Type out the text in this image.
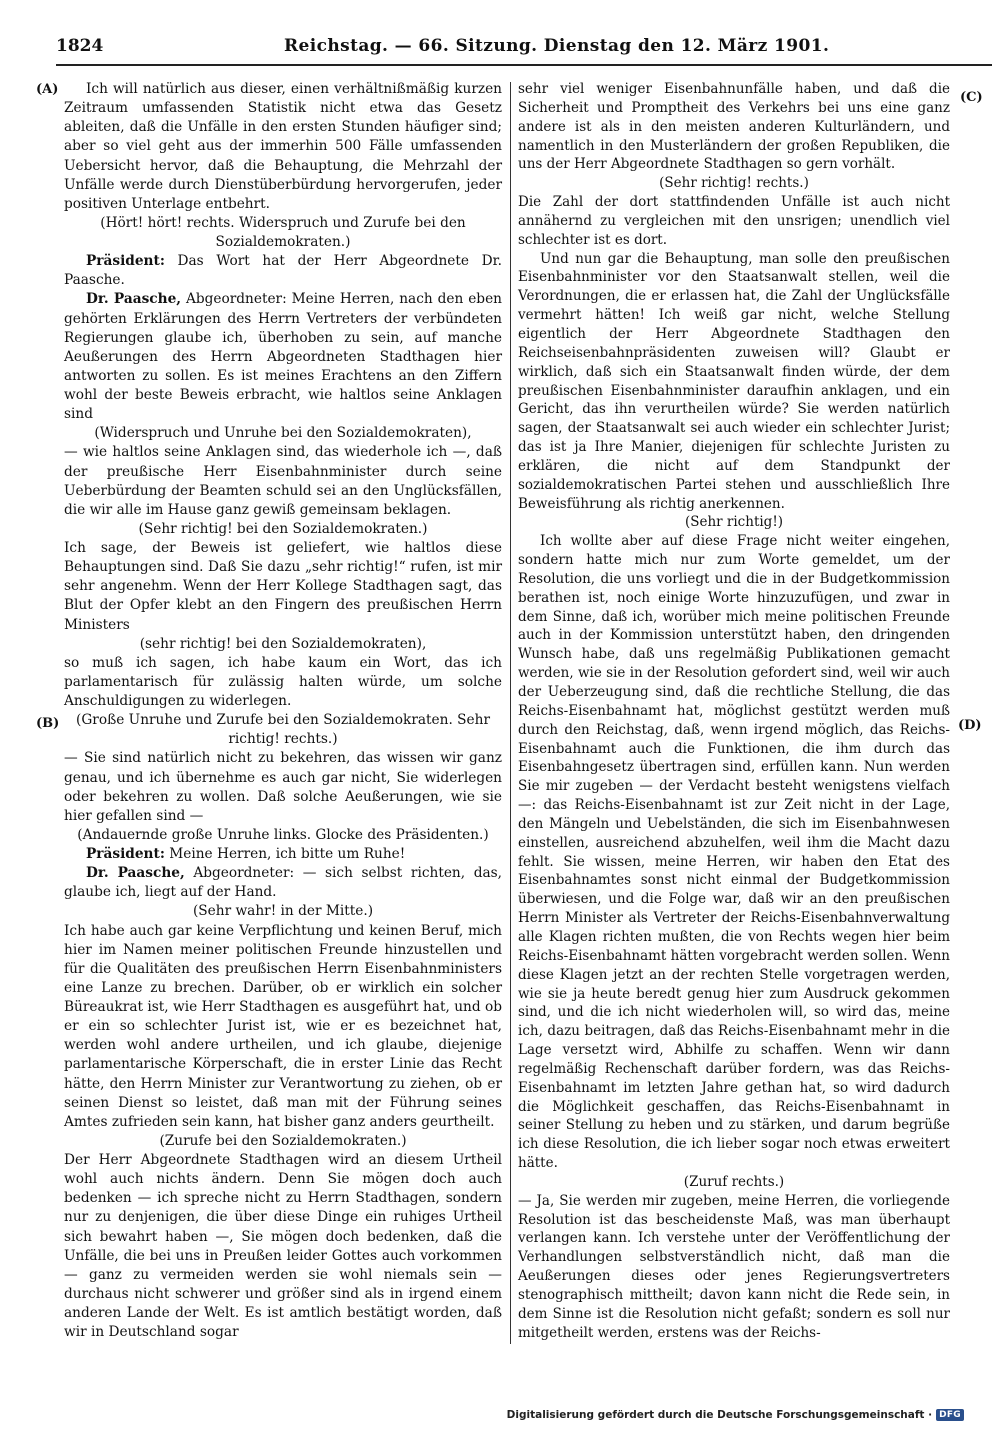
1824	Reichstag. — 66. Sitzung. Dienstag den 12. März 1901.
(A)
(B)
(C)
(D)

Ich will natürlich aus dieser, einen verhältnißmäßig kurzen Zeitraum umfassenden Statistik nicht etwa das Gesetz ableiten, daß die Unfälle in den ersten Stunden häufiger sind; aber so viel geht aus der immerhin 500 Fälle umfassenden Uebersicht hervor, daß die Behauptung, die Mehrzahl der Unfälle werde durch Dienstüberbürdung hervorgerufen, jeder positiven Unterlage entbehrt.

(Hört! hört! rechts. Widerspruch und Zurufe bei den Sozialdemokraten.)

Präsident: Das Wort hat der Herr Abgeordnete Dr. Paasche.

Dr. Paasche, Abgeordneter: Meine Herren, nach den eben gehörten Erklärungen des Herrn Vertreters der verbündeten Regierungen glaube ich, überhoben zu sein, auf manche Aeußerungen des Herrn Abgeordneten Stadthagen hier antworten zu sollen. Es ist meines Erachtens an den Ziffern wohl der beste Beweis erbracht, wie haltlos seine Anklagen sind

(Widerspruch und Unruhe bei den Sozialdemokraten),

— wie haltlos seine Anklagen sind, das wiederhole ich —, daß der preußische Herr Eisenbahnminister durch seine Ueberbürdung der Beamten schuld sei an den Unglücksfällen, die wir alle im Hause ganz gewiß gemeinsam beklagen.

(Sehr richtig! bei den Sozialdemokraten.)

Ich sage, der Beweis ist geliefert, wie haltlos diese Behauptungen sind. Daß Sie dazu „sehr richtig!“ rufen, ist mir sehr angenehm. Wenn der Herr Kollege Stadthagen sagt, das Blut der Opfer klebt an den Fingern des preußischen Herrn Ministers

(sehr richtig! bei den Sozialdemokraten),

so muß ich sagen, ich habe kaum ein Wort, das ich parlamentarisch für zulässig halten würde, um solche Anschuldigungen zu widerlegen.

(Große Unruhe und Zurufe bei den Sozialdemokraten. Sehr richtig! rechts.)

— Sie sind natürlich nicht zu bekehren, das wissen wir ganz genau, und ich übernehme es auch gar nicht, Sie widerlegen oder bekehren zu wollen. Daß solche Aeußerungen, wie sie hier gefallen sind —

(Andauernde große Unruhe links. Glocke des Präsidenten.)

Präsident: Meine Herren, ich bitte um Ruhe!

Dr. Paasche, Abgeordneter: — sich selbst richten, das, glaube ich, liegt auf der Hand.

(Sehr wahr! in der Mitte.)

Ich habe auch gar keine Verpflichtung und keinen Beruf, mich hier im Namen meiner politischen Freunde hinzustellen und für die Qualitäten des preußischen Herrn Eisenbahnministers eine Lanze zu brechen. Darüber, ob er wirklich ein solcher Büreaukrat ist, wie Herr Stadthagen es ausgeführt hat, und ob er ein so schlechter Jurist ist, wie er es bezeichnet hat, werden wohl andere urtheilen, und ich glaube, diejenige parlamentarische Körperschaft, die in erster Linie das Recht hätte, den Herrn Minister zur Verantwortung zu ziehen, ob er seinen Dienst so leistet, daß man mit der Führung seines Amtes zufrieden sein kann, hat bisher ganz anders geurtheilt.

(Zurufe bei den Sozialdemokraten.)

Der Herr Abgeordnete Stadthagen wird an diesem Urtheil wohl auch nichts ändern. Denn Sie mögen doch auch bedenken — ich spreche nicht zu Herrn Stadthagen, sondern nur zu denjenigen, die über diese Dinge ein ruhiges Urtheil sich bewahrt haben —, Sie mögen doch bedenken, daß die Unfälle, die bei uns in Preußen leider Gottes auch vorkommen — ganz zu vermeiden werden sie wohl niemals sein — durchaus nicht schwerer und größer sind als in irgend einem anderen Lande der Welt. Es ist amtlich bestätigt worden, daß wir in Deutschland sogar

sehr viel weniger Eisenbahnunfälle haben, und daß die Sicherheit und Promptheit des Verkehrs bei uns eine ganz andere ist als in den meisten anderen Kulturländern, und namentlich in den Musterländern der großen Republiken, die uns der Herr Abgeordnete Stadthagen so gern vorhält.

(Sehr richtig! rechts.)

Die Zahl der dort stattfindenden Unfälle ist auch nicht annähernd zu vergleichen mit den unsrigen; unendlich viel schlechter ist es dort.

Und nun gar die Behauptung, man solle den preußischen Eisenbahnminister vor den Staatsanwalt stellen, weil die Verordnungen, die er erlassen hat, die Zahl der Unglücksfälle vermehrt hätten! Ich weiß gar nicht, welche Stellung eigentlich der Herr Abgeordnete Stadthagen den Reichseisenbahnpräsidenten zuweisen will? Glaubt er wirklich, daß sich ein Staatsanwalt finden würde, der dem preußischen Eisenbahnminister daraufhin anklagen, und ein Gericht, das ihn verurtheilen würde? Sie werden natürlich sagen, der Staatsanwalt sei auch wieder ein schlechter Jurist; das ist ja Ihre Manier, diejenigen für schlechte Juristen zu erklären, die nicht auf dem Standpunkt der sozialdemokratischen Partei stehen und ausschließlich Ihre Beweisführung als richtig anerkennen.

(Sehr richtig!)

Ich wollte aber auf diese Frage nicht weiter eingehen, sondern hatte mich nur zum Worte gemeldet, um der Resolution, die uns vorliegt und die in der Budgetkommission berathen ist, noch einige Worte hinzuzufügen, und zwar in dem Sinne, daß ich, worüber mich meine politischen Freunde auch in der Kommission unterstützt haben, den dringenden Wunsch habe, daß uns regelmäßig Publikationen gemacht werden, wie sie in der Resolution gefordert sind, weil wir auch der Ueberzeugung sind, daß die rechtliche Stellung, die das Reichs-Eisenbahnamt hat, möglichst gestützt werden muß durch den Reichstag, daß, wenn irgend möglich, das Reichs-Eisenbahnamt auch die Funktionen, die ihm durch das Eisenbahngesetz übertragen sind, erfüllen kann. Nun werden Sie mir zugeben — der Verdacht besteht wenigstens vielfach —: das Reichs-Eisenbahnamt ist zur Zeit nicht in der Lage, den Mängeln und Uebelständen, die sich im Eisenbahnwesen einstellen, ausreichend abzuhelfen, weil ihm die Macht dazu fehlt. Sie wissen, meine Herren, wir haben den Etat des Eisenbahnamtes sonst nicht einmal der Budgetkommission überwiesen, und die Folge war, daß wir an den preußischen Herrn Minister als Vertreter der Reichs-Eisenbahnverwaltung alle Klagen richten mußten, die von Rechts wegen hier beim Reichs-Eisenbahnamt hätten vorgebracht werden sollen. Wenn diese Klagen jetzt an der rechten Stelle vorgetragen werden, wie sie ja heute beredt genug hier zum Ausdruck gekommen sind, und die ich nicht wiederholen will, so wird das, meine ich, dazu beitragen, daß das Reichs-Eisenbahnamt mehr in die Lage versetzt wird, Abhilfe zu schaffen. Wenn wir dann regelmäßig Rechenschaft darüber fordern, was das Reichs-Eisenbahnamt im letzten Jahre gethan hat, so wird dadurch die Möglichkeit geschaffen, das Reichs-Eisenbahnamt in seiner Stellung zu heben und zu stärken, und darum begrüße ich diese Resolution, die ich lieber sogar noch etwas erweitert hätte.

(Zuruf rechts.)

— Ja, Sie werden mir zugeben, meine Herren, die vorliegende Resolution ist das bescheidenste Maß, was man überhaupt verlangen kann. Ich verstehe unter der Veröffentlichung der Verhandlungen selbstverständlich nicht, daß man die Aeußerungen dieses oder jenes Regierungsvertreters stenographisch mittheilt; davon kann nicht die Rede sein, in dem Sinne ist die Resolution nicht gefaßt; sondern es soll nur mitgetheilt werden, erstens was der Reichs-

Digitalisierung gefördert durch die Deutsche Forschungsgemeinschaft · DFG
